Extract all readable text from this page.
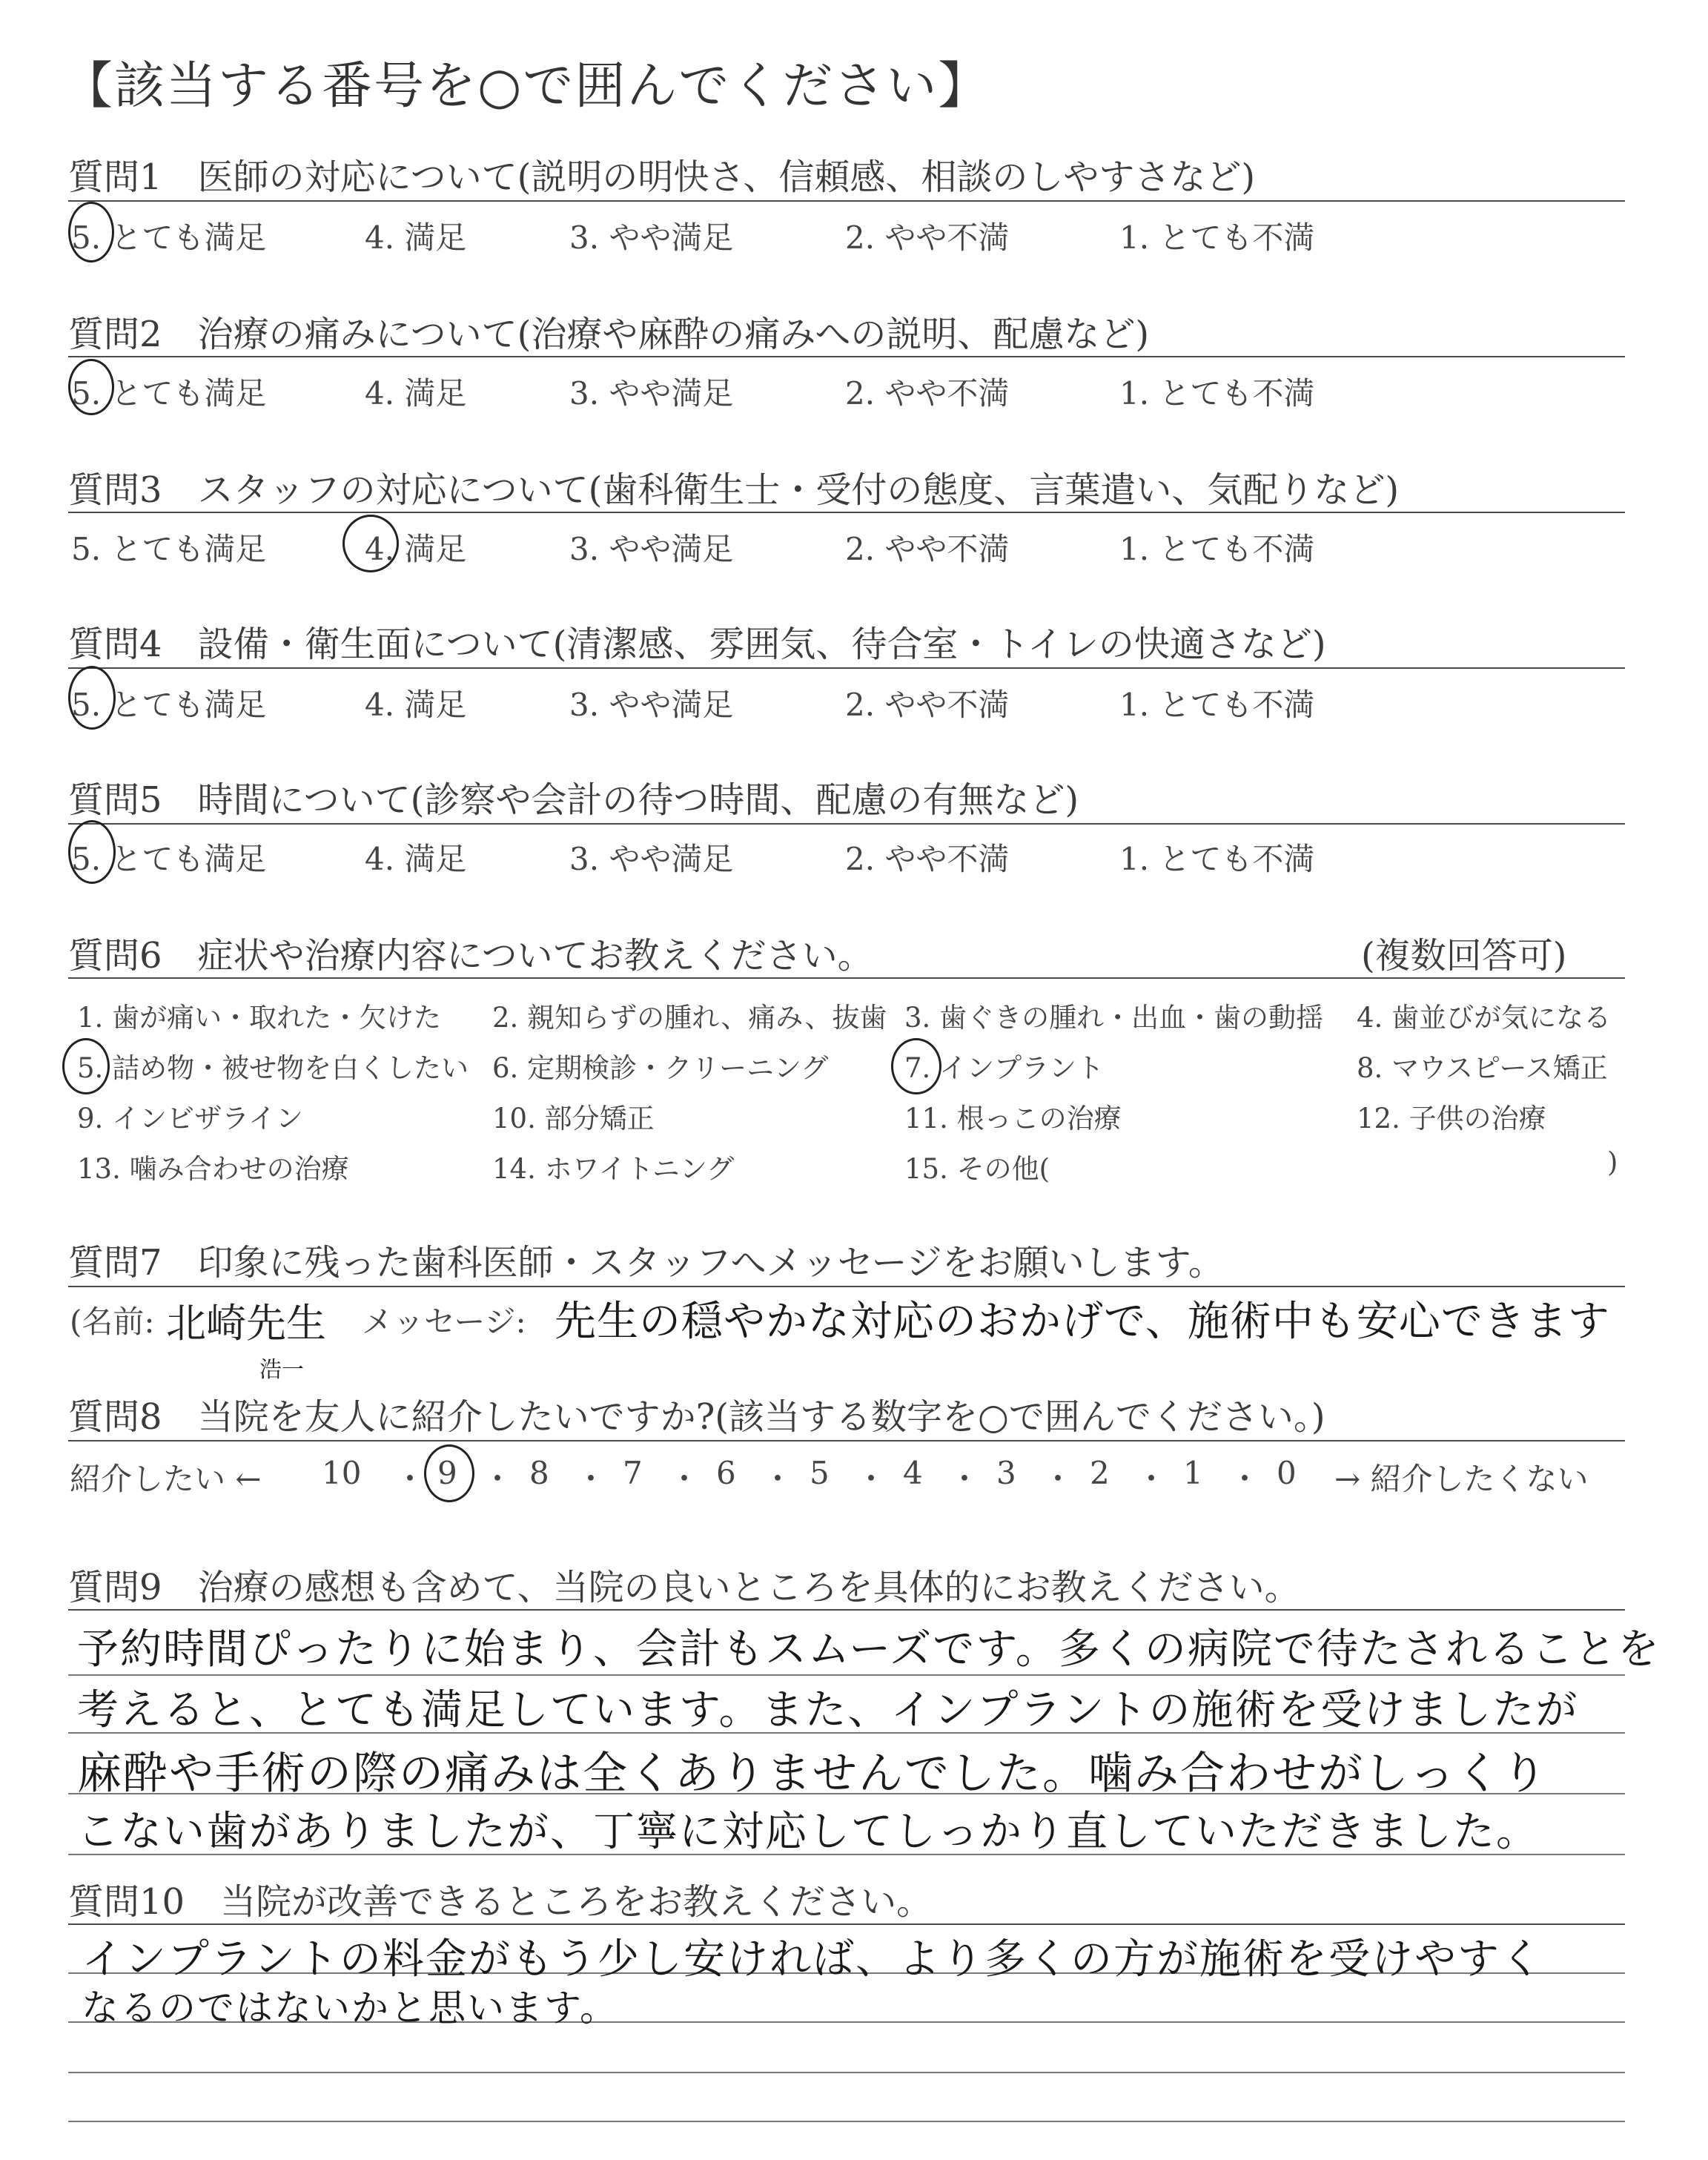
【該当する番号を○で囲んでください】
質問1　 医師の対応について(説明の明快さ、信頼感、相談のしやすさなど)
5. とても満足	4. 満足	3. やや満足	2. やや不満	1. とても不満
質問2　 治療の痛みについて(治療や麻酔の痛みへの説明、配慮など)
5. とても満足	4. 満足	3. やや満足	2. やや不満	1. とても不満
質問3　 スタッフの対応について(歯科衛生士・受付の態度、言葉遣い、気配りなど)
5. とても満足	4. 満足	3. やや満足	2. やや不満	1. とても不満
質問4　 設備・衛生面について(清潔感、雰囲気、待合室・トイレの快適さなど)
5. とても満足	4. 満足	3. やや満足	2. やや不満	1. とても不満
質問5　 時間について(診察や会計の待つ時間、配慮の有無など)
5. とても満足	4. 満足	3. やや満足	2. やや不満	1. とても不満
質問6　 症状や治療内容についてお教えください。	(複数回答可)
1. 歯が痛い・取れた・欠けた 2. 親知らずの腫れ、痛み、抜歯 3. 歯ぐきの腫れ・出血・歯の動揺 4. 歯並びが気になる
5. 詰め物・被せ物を白くしたい 6. 定期検診・クリーニング	7. インプラント	8. マウスピース矯正
9. インビザライン	10. 部分矯正	11. 根っこの治療	12. 子供の治療
13. 噛み合わせの治療	14. ホワイトニング	15. その他(	)
質問7　 印象に残った歯科医師・スタッフへメッセージをお願いします。
(名前: 北崎先生
浩一
メッセージ: 先生の穏やかな対応のおかげで、施術中も安心できます
質問8　 当院を友人に紹介したいですか?(該当する数字を○で囲んでください。)
紹介したい ←	→ 紹介したくない
10 9 8 7 6 5 4 3 2 1 0
・ ・ ・ ・ ・ ・ ・ ・ ・ ・
質問9　 治療の感想も含めて、当院の良いところを具体的にお教えください。
予約時間ぴったりに始まり、会計もスムーズです。多くの病院で待たされることを
考えると、とても満足しています。また、インプラントの施術を受けましたが
麻酔や手術の際の痛みは全くありませんでした。噛み合わせがしっくり
こない歯がありましたが、丁寧に対応してしっかり直していただきました。
質問10　 当院が改善できるところをお教えください。
インプラントの料金がもう少し安ければ、より多くの方が施術を受けやすく
なるのではないかと思います。
